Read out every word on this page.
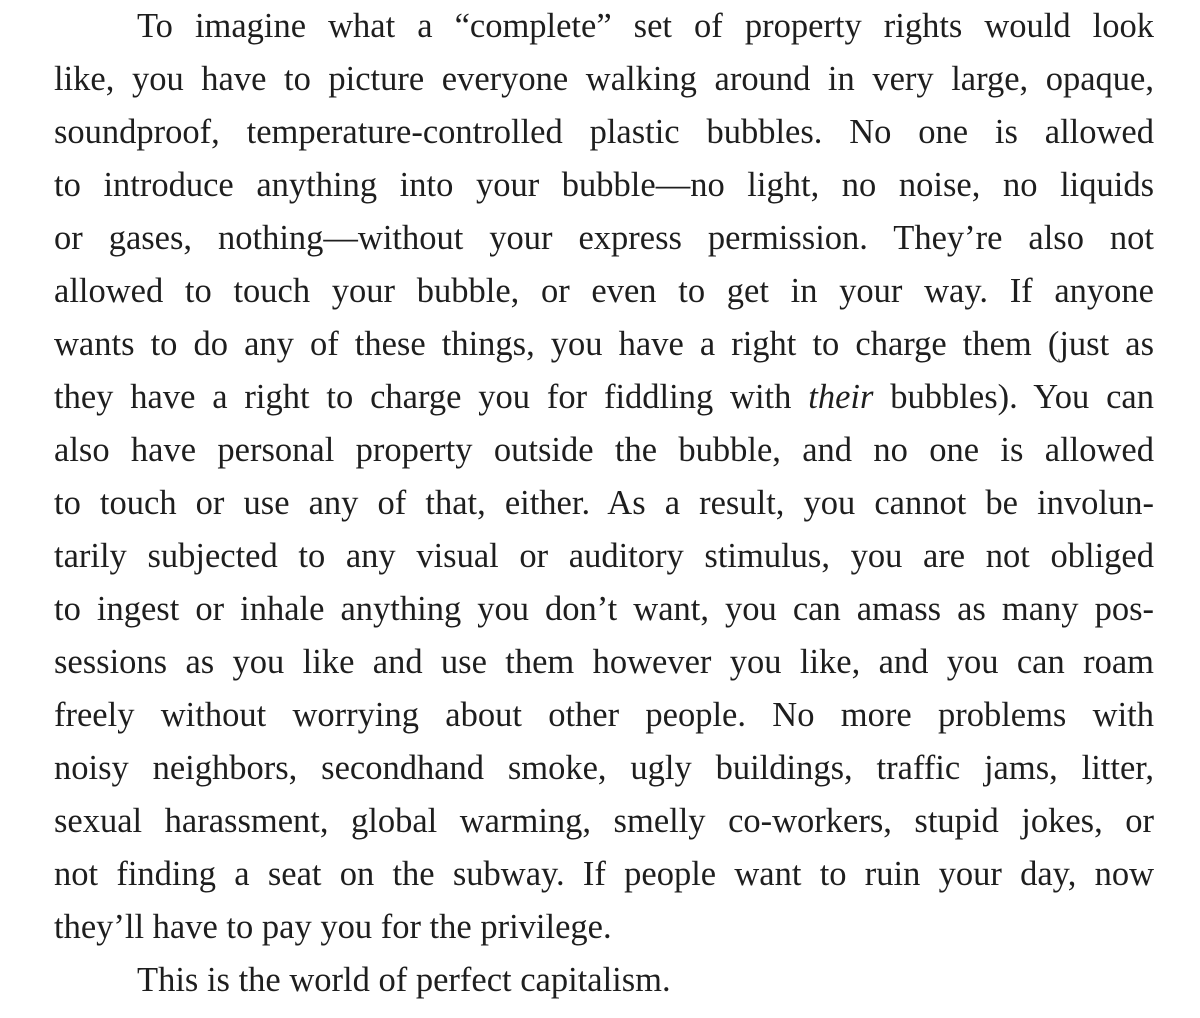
To imagine what a “complete” set of property rights would look
like, you have to picture everyone walking around in very large, opaque,
soundproof, temperature-controlled plastic bubbles. No one is allowed
to introduce anything into your bubble—no light, no noise, no liquids
or gases, nothing—without your express permission. They’re also not
allowed to touch your bubble, or even to get in your way. If anyone
wants to do any of these things, you have a right to charge them (just as
they have a right to charge you for fiddling with their bubbles). You can
also have personal property outside the bubble, and no one is allowed
to touch or use any of that, either. As a result, you cannot be involun-
tarily subjected to any visual or auditory stimulus, you are not obliged
to ingest or inhale anything you don’t want, you can amass as many pos-
sessions as you like and use them however you like, and you can roam
freely without worrying about other people. No more problems with
noisy neighbors, secondhand smoke, ugly buildings, traffic jams, litter,
sexual harassment, global warming, smelly co-workers, stupid jokes, or
not finding a seat on the subway. If people want to ruin your day, now
they’ll have to pay you for the privilege.
This is the world of perfect capitalism.
